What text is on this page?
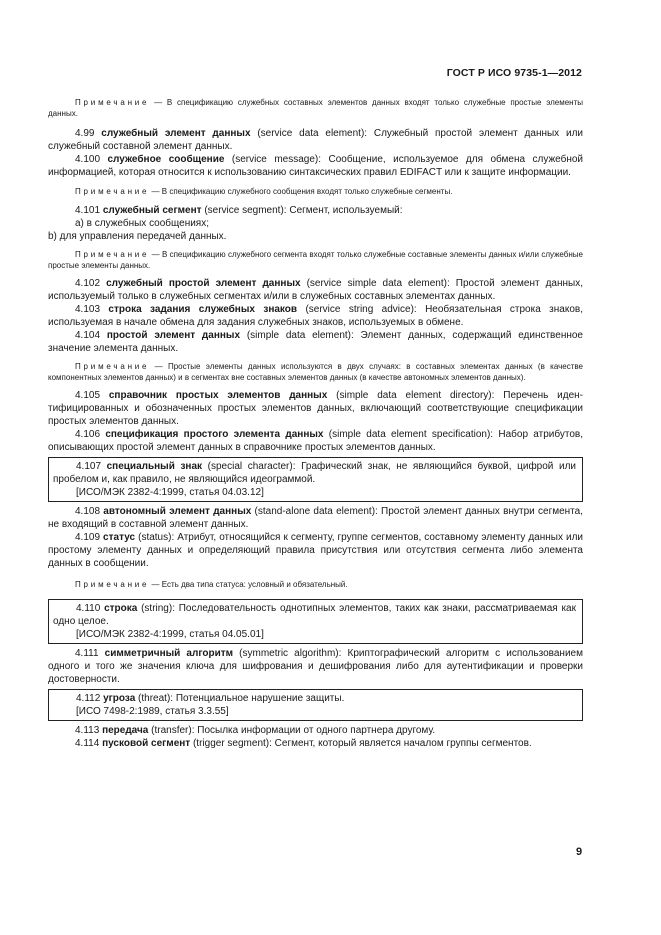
ГОСТ Р ИСО 9735-1—2012

Примечание — В спецификацию служебных составных элементов данных входят только служебные простые элементы данных.

4.99 служебный элемент данных (service data element): Служебный простой элемент данных или служебный составной элемент данных.

4.100 служебное сообщение (service message): Сообщение, используемое для обмена служебной информацией, которая относится к использованию синтаксических правил EDIFACT или к защите информации.

Примечание — В спецификацию служебного сообщения входят только служебные сегменты.

4.101 служебный сегмент (service segment): Сегмент, используемый:

а) в служебных сообщениях;

b) для управления передачей данных.

Примечание — В спецификацию служебного сегмента входят только служебные составные элементы данных и/или служебные простые элементы данных.

4.102 служебный простой элемент данных (service simple data element): Простой элемент данных, используемый только в служебных сегментах и/или в служебных составных элементах данных.

4.103 строка задания служебных знаков (service string advice): Необязательная строка знаков, используемая в начале обмена для задания служебных знаков, используемых в обмене.

4.104 простой элемент данных (simple data element): Элемент данных, содержащий единственное значение элемента данных.

Примечание — Простые элементы данных используются в двух случаях: в составных элементах данных (в качестве компонентных элементов данных) и в сегментах вне составных элементов данных (в качестве автономных элементов данных).

4.105 справочник простых элементов данных (simple data element directory): Перечень идентифицированных и обозначенных простых элементов данных, включающий соответствующие спецификации простых элементов данных.

4.106 спецификация простого элемента данных (simple data element specification): Набор атрибутов, описывающих простой элемент данных в справочнике простых элементов данных.

4.107 специальный знак (special character): Графический знак, не являющийся буквой, цифрой или пробелом и, как правило, не являющийся идеограммой.

[ИСО/МЭК 2382-4:1999, статья 04.03.12]

4.108 автономный элемент данных (stand-alone data element): Простой элемент данных внутри сегмента, не входящий в составной элемент данных.

4.109 статус (status): Атрибут, относящийся к сегменту, группе сегментов, составному элементу данных или простому элементу данных и определяющий правила присутствия или отсутствия сегмента либо элемента данных в сообщении.

Примечание — Есть два типа статуса: условный и обязательный.

4.110 строка (string): Последовательность однотипных элементов, таких как знаки, рассматриваемая как одно целое.

[ИСО/МЭК 2382-4:1999, статья 04.05.01]

4.111 симметричный алгоритм (symmetric algorithm): Криптографический алгоритм с использованием одного и того же значения ключа для шифрования и дешифрования либо для аутентификации и проверки достоверности.

4.112 угроза (threat): Потенциальное нарушение защиты.

[ИСО 7498-2:1989, статья 3.3.55]

4.113 передача (transfer): Посылка информации от одного партнера другому.

4.114 пусковой сегмент (trigger segment): Сегмент, который является началом группы сегментов.

9
